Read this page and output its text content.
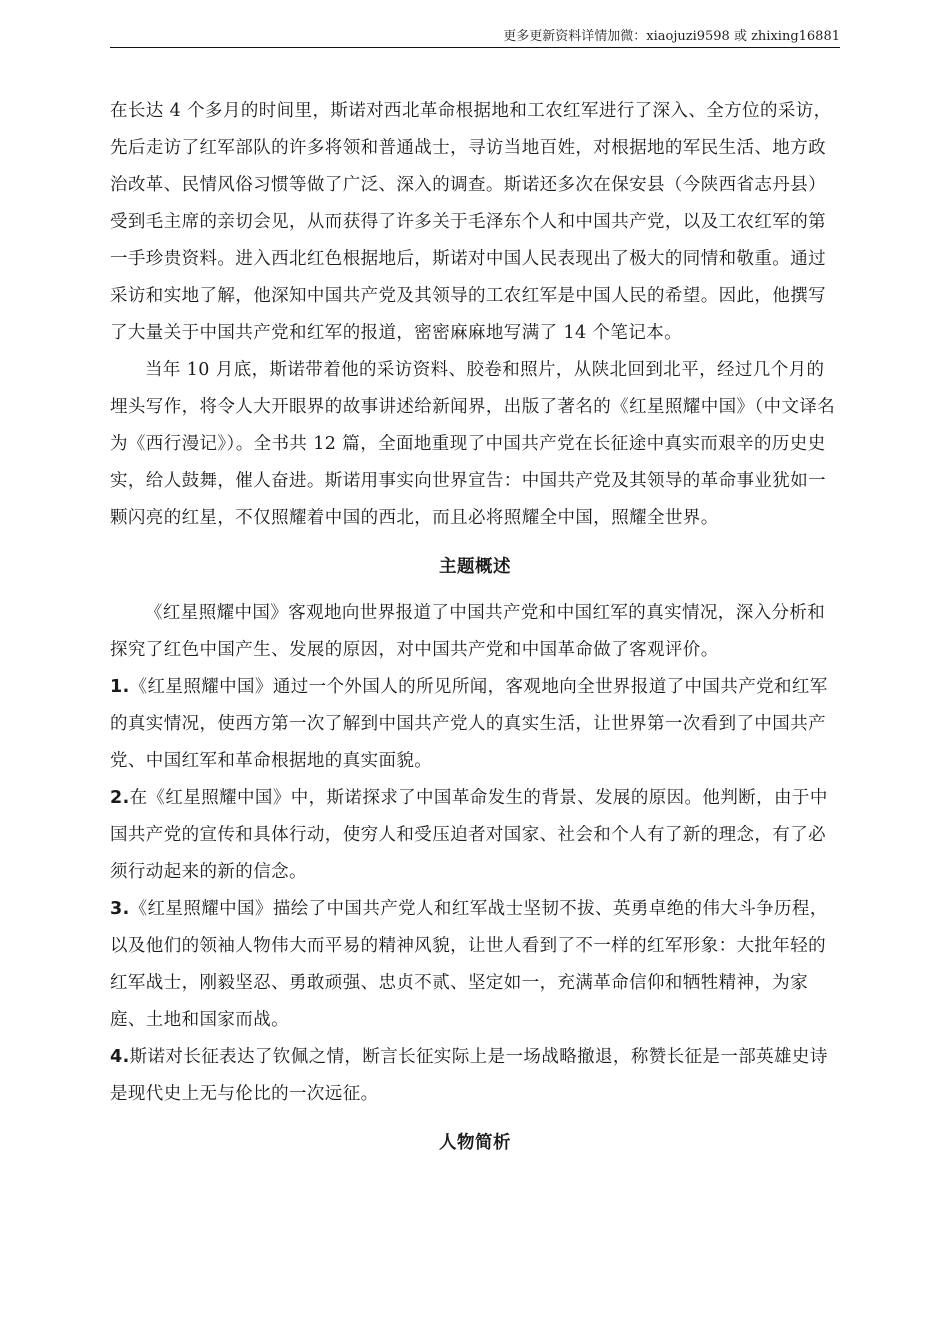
更多更新资料详情加微：xiaojuzi9598 或 zhixing16881

在长达 4 个多月的时间里，斯诺对西北革命根据地和工农红军进行了深入、全方位的采访，先后走访了红军部队的许多将领和普通战士，寻访当地百姓，对根据地的军民生活、地方政治改革、民情风俗习惯等做了广泛、深入的调查。斯诺还多次在保安县（今陕西省志丹县）受到毛主席的亲切会见，从而获得了许多关于毛泽东个人和中国共产党，以及工农红军的第一手珍贵资料。进入西北红色根据地后，斯诺对中国人民表现出了极大的同情和敬重。通过采访和实地了解，他深知中国共产党及其领导的工农红军是中国人民的希望。因此，他撰写了大量关于中国共产党和红军的报道，密密麻麻地写满了 14 个笔记本。

当年 10 月底，斯诺带着他的采访资料、胶卷和照片，从陕北回到北平，经过几个月的埋头写作，将令人大开眼界的故事讲述给新闻界，出版了著名的《红星照耀中国》（中文译名为《西行漫记》）。全书共 12 篇，全面地重现了中国共产党在长征途中真实而艰辛的历史史实，给人鼓舞，催人奋进。斯诺用事实向世界宣告：中国共产党及其领导的革命事业犹如一颗闪亮的红星，不仅照耀着中国的西北，而且必将照耀全中国，照耀全世界。

主题概述

《红星照耀中国》客观地向世界报道了中国共产党和中国红军的真实情况，深入分析和探究了红色中国产生、发展的原因，对中国共产党和中国革命做了客观评价。

1.《红星照耀中国》通过一个外国人的所见所闻，客观地向全世界报道了中国共产党和红军的真实情况，使西方第一次了解到中国共产党人的真实生活，让世界第一次看到了中国共产党、中国红军和革命根据地的真实面貌。

2.在《红星照耀中国》中，斯诺探求了中国革命发生的背景、发展的原因。他判断，由于中国共产党的宣传和具体行动，使穷人和受压迫者对国家、社会和个人有了新的理念，有了必须行动起来的新的信念。

3.《红星照耀中国》描绘了中国共产党人和红军战士坚韧不拔、英勇卓绝的伟大斗争历程，以及他们的领袖人物伟大而平易的精神风貌，让世人看到了不一样的红军形象：大批年轻的红军战士，刚毅坚忍、勇敢顽强、忠贞不贰、坚定如一，充满革命信仰和牺牲精神，为家庭、土地和国家而战。

4.斯诺对长征表达了钦佩之情，断言长征实际上是一场战略撤退，称赞长征是一部英雄史诗是现代史上无与伦比的一次远征。

人物简析
